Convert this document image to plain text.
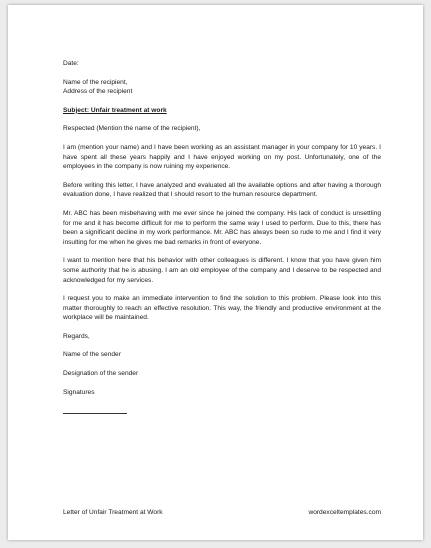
Date:
Name of the recipient,
Address of the recipient
Subject: Unfair treatment at work
Respected (Mention the name of the recipient),

I am (mention your name) and I have been working as an assistant manager in your company for 10 years. I have spent all these years happily and I have enjoyed working on my post. Unfortunately, one of the employees in the company is now ruining my experience.

Before writing this letter, I have analyzed and evaluated all the available options and after having a thorough evaluation done, I have realized that I should resort to the human resource department.

Mr. ABC has been misbehaving with me ever since he joined the company. His lack of conduct is unsettling for me and it has become difficult for me to perform the same way I used to perform. Due to this, there has been a significant decline in my work performance. Mr. ABC has always been so rude to me and I find it very insulting for me when he gives me bad remarks in front of everyone.

I want to mention here that his behavior with other colleagues is different. I know that you have given him some authority that he is abusing. I am an old employee of the company and I deserve to be respected and acknowledged for my services.

I request you to make an immediate intervention to find the solution to this problem. Please look into this matter thoroughly to reach an effective resolution. This way, the friendly and productive environment at the workplace will be maintained.

Regards,
Name of the sender
Designation of the sender
Signatures
Letter of Unfair Treatment at Work	wordexceltemplates.com
